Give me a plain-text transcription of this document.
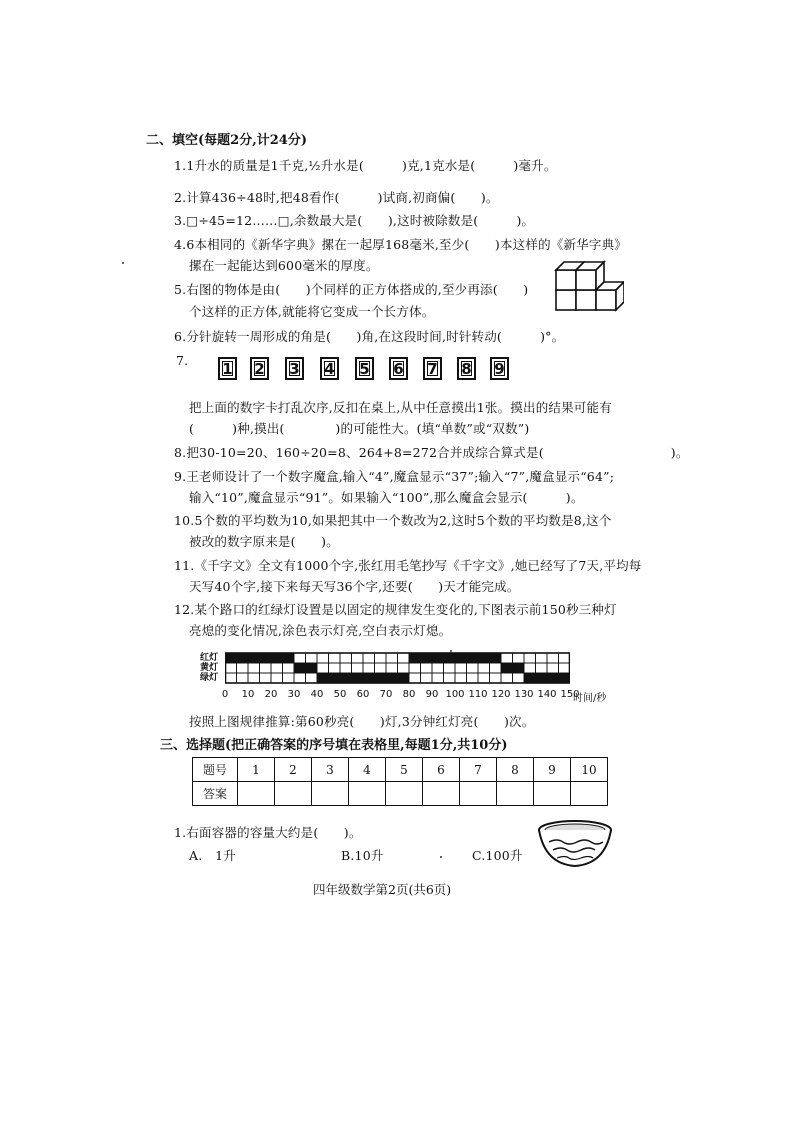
二、填空(每题2分,计24分)
1.1升水的质量是1千克,½升水是(　　　)克,1克水是(　　　)毫升。
2.计算436÷48时,把48看作(　　　)试商,初商偏(　　)。
3.□÷45=12……□,余数最大是(　　),这时被除数是(　　　)。
4.6本相同的《新华字典》摞在一起厚168毫米,至少(　　)本这样的《新华字典》
摞在一起能达到600毫米的厚度。
5.右图的物体是由(　　)个同样的正方体搭成的,至少再添(　　)
个这样的正方体,就能将它变成一个长方体。
6.分针旋转一周形成的角是(　　)角,在这段时间,时针转动(　　　)°。
7. 1 2 3 4 5 6 7 8 9
把上面的数字卡打乱次序,反扣在桌上,从中任意摸出1张。摸出的结果可能有
(　　　)种,摸出(　　　　)的可能性大。(填“单数”或“双数”)
8.把30-10=20、160÷20=8、264+8=272合并成综合算式是(　　　　　　　　　　)。
9.王老师设计了一个数字魔盒,输入“4”,魔盒显示“37”;输入“7”,魔盒显示“64”;
输入“10”,魔盒显示“91”。如果输入“100”,那么魔盒会显示(　　　)。
10.5个数的平均数为10,如果把其中一个数改为2,这时5个数的平均数是8,这个
被改的数字原来是(　　)。
11.《千字文》全文有1000个字,张红用毛笔抄写《千字文》,她已经写了7天,平均每
天写40个字,接下来每天写36个字,还要(　　)天才能完成。
12.某个路口的红绿灯设置是以固定的规律发生变化的,下图表示前150秒三种灯
亮熄的变化情况,涂色表示灯亮,空白表示灯熄。
红灯
黄灯
绿灯
0 10 20 30 40 50 60 70 80 90 100 110 120 130 140 150
时间/秒
按照上图规律推算:第60秒亮(　　)灯,3分钟红灯亮(　　)次。
三、选择题(把正确答案的序号填在表格里,每题1分,共10分)
题号	1	2	3	4	5	6	7	8	9	10
答案										
1.右面容器的容量大约是(　　)。
A.　1升	B.10升	C.100升
四年级数学第2页(共6页)
